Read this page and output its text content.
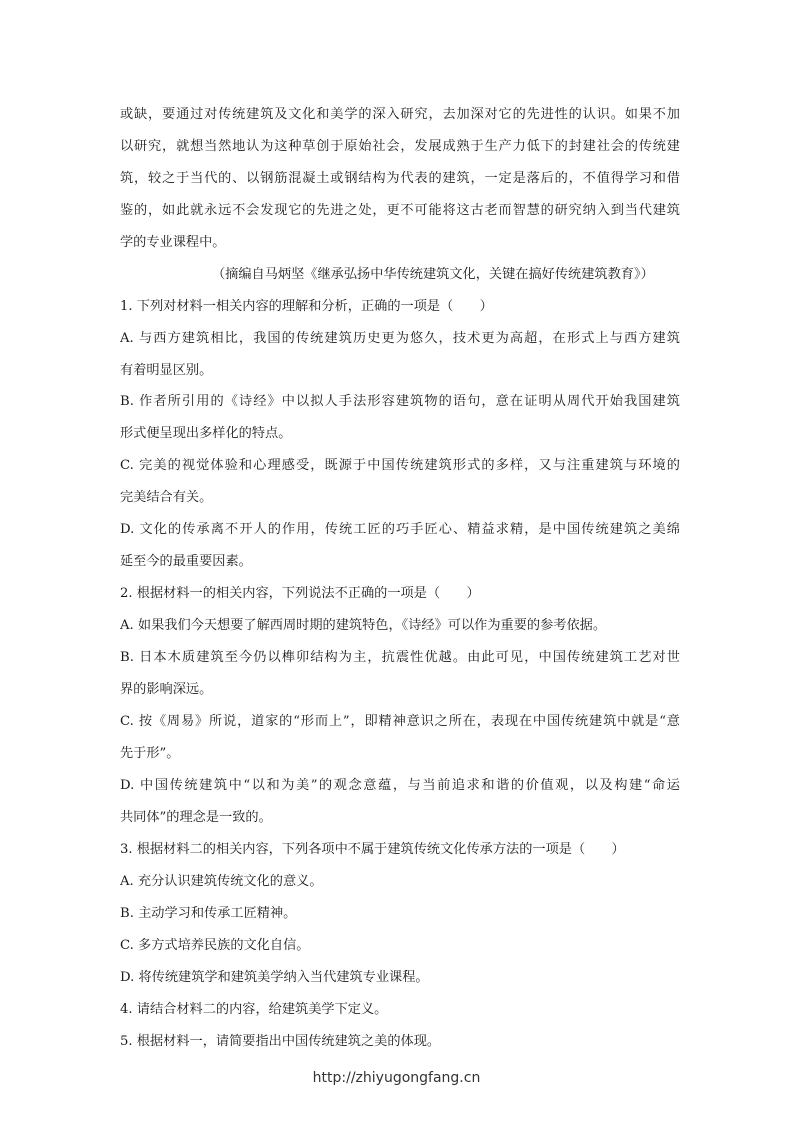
或缺，要通过对传统建筑及文化和美学的深入研究，去加深对它的先进性的认识。如果不加
以研究，就想当然地认为这种草创于原始社会，发展成熟于生产力低下的封建社会的传统建
筑，较之于当代的、以钢筋混凝土或钢结构为代表的建筑，一定是落后的，不值得学习和借
鉴的，如此就永远不会发现它的先进之处，更不可能将这古老而智慧的研究纳入到当代建筑
学的专业课程中。
（摘编自马炳坚《继承弘扬中华传统建筑文化，关键在搞好传统建筑教育》）
1. 下列对材料一相关内容的理解和分析，正确的一项是（　　）
A. 与西方建筑相比，我国的传统建筑历史更为悠久，技术更为高超，在形式上与西方建筑
有着明显区别。
B. 作者所引用的《诗经》中以拟人手法形容建筑物的语句，意在证明从周代开始我国建筑
形式便呈现出多样化的特点。
C. 完美的视觉体验和心理感受，既源于中国传统建筑形式的多样，又与注重建筑与环境的
完美结合有关。
D. 文化的传承离不开人的作用，传统工匠的巧手匠心、精益求精，是中国传统建筑之美绵
延至今的最重要因素。
2. 根据材料一的相关内容，下列说法不正确的一项是（　　）
A. 如果我们今天想要了解西周时期的建筑特色，《诗经》可以作为重要的参考依据。
B. 日本木质建筑至今仍以榫卯结构为主，抗震性优越。由此可见，中国传统建筑工艺对世
界的影响深远。
C. 按《周易》所说，道家的“形而上”，即精神意识之所在，表现在中国传统建筑中就是“意
先于形”。
D. 中国传统建筑中“以和为美”的观念意蕴，与当前追求和谐的价值观，以及构建“命运
共同体”的理念是一致的。
3. 根据材料二的相关内容，下列各项中不属于建筑传统文化传承方法的一项是（　　）
A. 充分认识建筑传统文化的意义。
B. 主动学习和传承工匠精神。
C. 多方式培养民族的文化自信。
D. 将传统建筑学和建筑美学纳入当代建筑专业课程。
4. 请结合材料二的内容，给建筑美学下定义。
5. 根据材料一，请简要指出中国传统建筑之美的体现。
http://zhiyugongfang.cn
